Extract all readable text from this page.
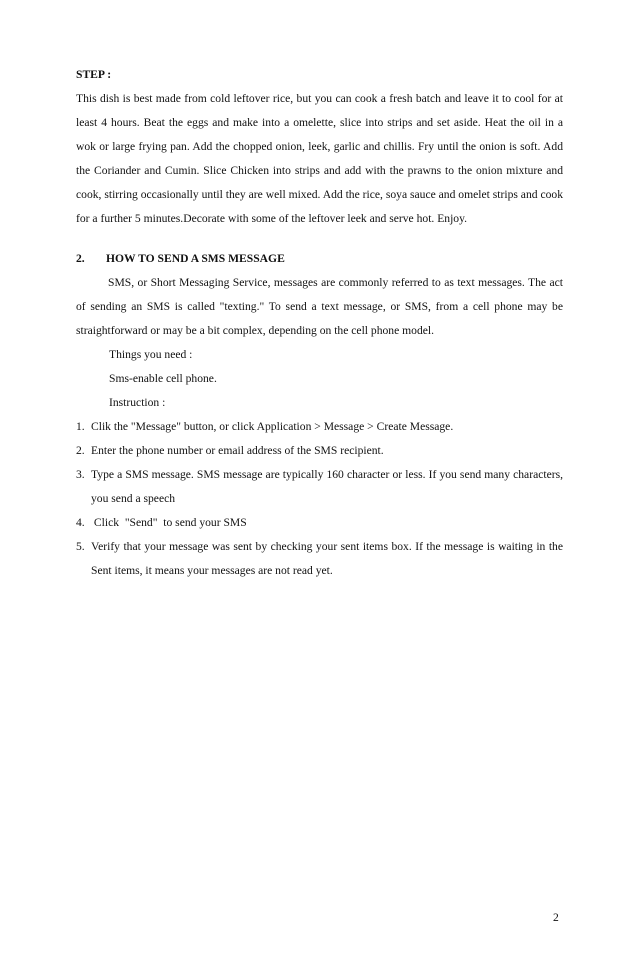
STEP :

This dish is best made from cold leftover rice, but you can cook a fresh batch and leave it to cool for at least 4 hours. Beat the eggs and make into a omelette, slice into strips and set aside. Heat the oil in a wok or large frying pan. Add the chopped onion, leek, garlic and chillis. Fry until the onion is soft. Add the Coriander and Cumin. Slice Chicken into strips and add with the prawns to the onion mixture and cook, stirring occasionally until they are well mixed. Add the rice, soya sauce and omelet strips and cook for a further 5 minutes.Decorate with some of the leftover leek and serve hot. Enjoy.

2.	HOW TO SEND A SMS MESSAGE

SMS, or Short Messaging Service, messages are commonly referred to as text messages. The act of sending an SMS is called "texting." To send a text message, or SMS, from a cell phone may be straightforward or may be a bit complex, depending on the cell phone model.

Things you need :

Sms-enable cell phone.

Instruction :

1. Clik the "Message" button, or click Application > Message > Create Message.
2. Enter the phone number or email address of the SMS recipient.
3. Type a SMS message. SMS message are typically 160 character or less. If you send many characters, you send a speech
4. Click  "Send"  to send your SMS
5. Verify that your message was sent by checking your sent items box. If the message is waiting in the Sent items, it means your messages are not read yet.
2
